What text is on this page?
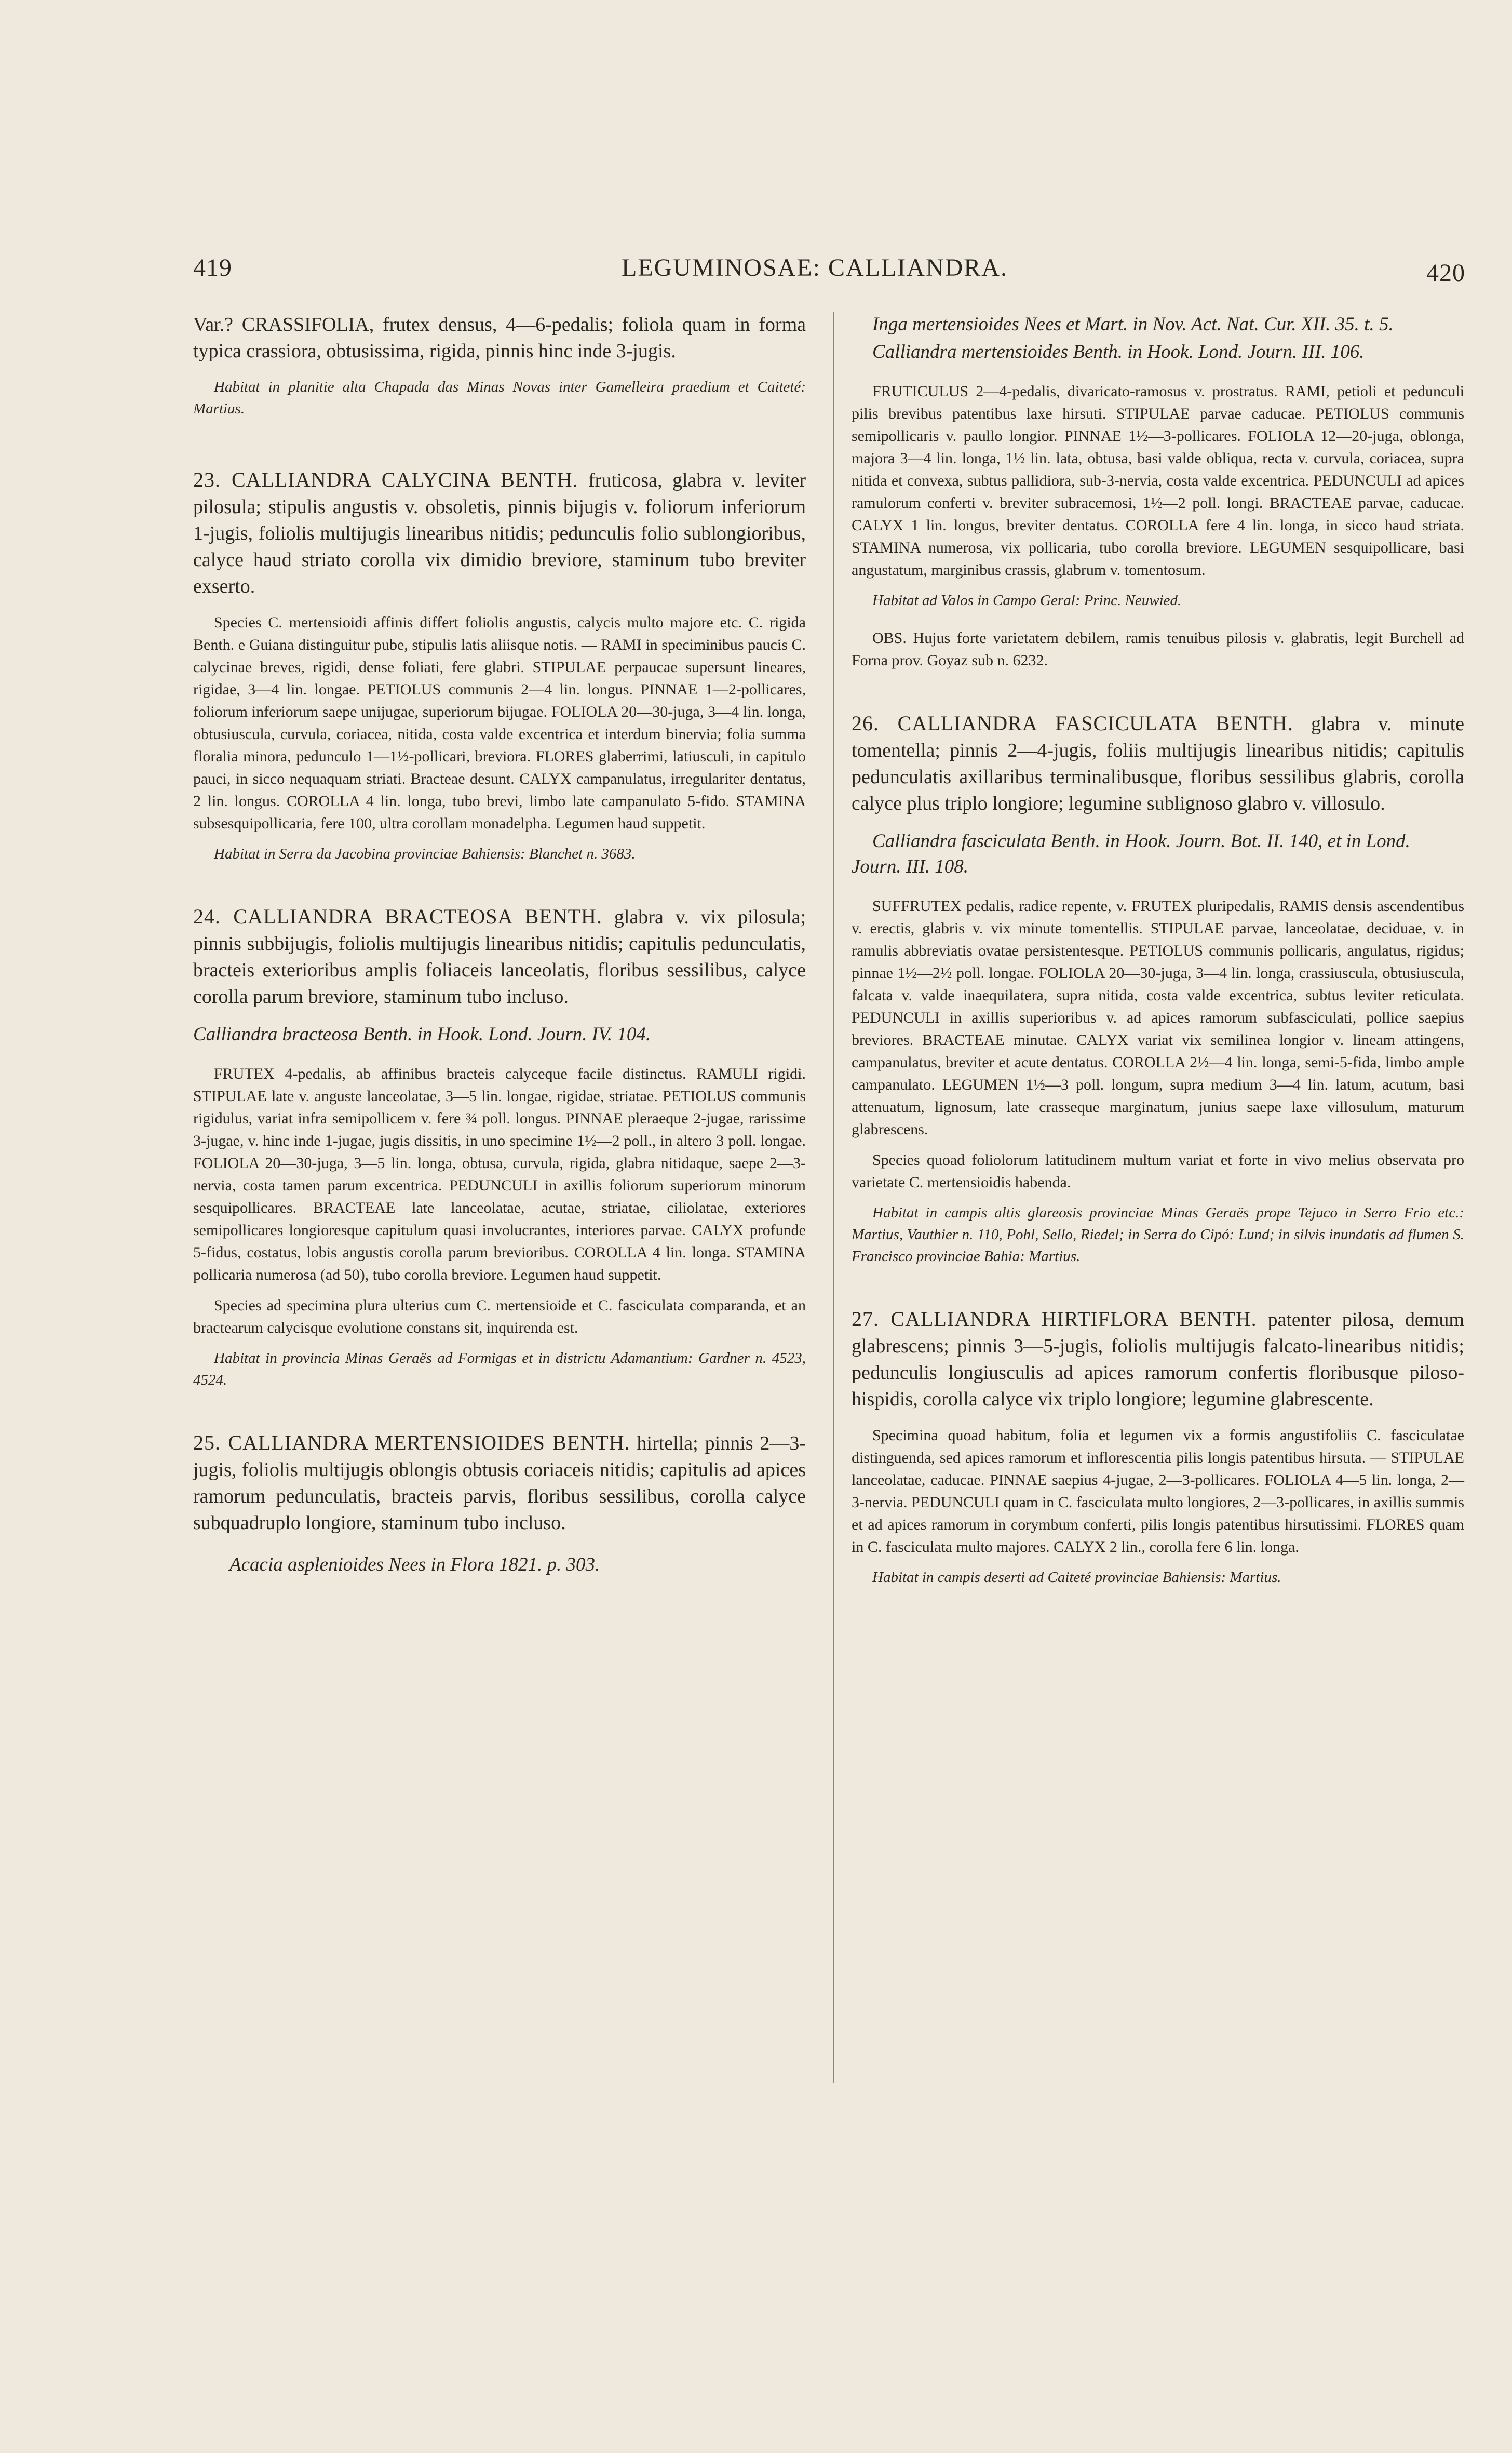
419	LEGUMINOSAE: CALLIANDRA.	420

Var.? CRASSIFOLIA, frutex densus, 4—6-pedalis; foliola quam in forma typica crassiora, obtusissima, rigida, pinnis hinc inde 3-jugis.

Habitat in planitie alta Chapada das Minas Novas inter Gamelleira praedium et Caiteté: Martius.

23. CALLIANDRA CALYCINA BENTH. fruticosa, glabra v. leviter pilosula; stipulis angustis v. obsoletis, pinnis bijugis v. foliorum inferiorum 1-jugis, foliolis multijugis linearibus nitidis; pedunculis folio sublongioribus, calyce haud striato corolla vix dimidio breviore, staminum tubo breviter exserto.

Species C. mertensioidi affinis differt foliolis angustis, calycis multo majore etc. C. rigida Benth. e Guiana distinguitur pube, stipulis latis aliisque notis. — RAMI in speciminibus paucis C. calycinae breves, rigidi, dense foliati, fere glabri. STIPULAE perpaucae supersunt lineares, rigidae, 3—4 lin. longae. PETIOLUS communis 2—4 lin. longus. PINNAE 1—2-pollicares, foliorum inferiorum saepe unijugae, superiorum bijugae. FOLIOLA 20—30-juga, 3—4 lin. longa, obtusiuscula, curvula, coriacea, nitida, costa valde excentrica et interdum binervia; folia summa floralia minora, pedunculo 1—1½-pollicari, breviora. FLORES glaberrimi, latiusculi, in capitulo pauci, in sicco nequaquam striati. Bracteae desunt. CALYX campanulatus, irregulariter dentatus, 2 lin. longus. COROLLA 4 lin. longa, tubo brevi, limbo late campanulato 5-fido. STAMINA subsesquipollicaria, fere 100, ultra corollam monadelpha. Legumen haud suppetit.

Habitat in Serra da Jacobina provinciae Bahiensis: Blanchet n. 3683.

24. CALLIANDRA BRACTEOSA BENTH. glabra v. vix pilosula; pinnis subbijugis, foliolis multijugis linearibus nitidis; capitulis pedunculatis, bracteis exterioribus amplis foliaceis lanceolatis, floribus sessilibus, calyce corolla parum breviore, staminum tubo incluso.

Calliandra bracteosa Benth. in Hook. Lond. Journ. IV. 104.

FRUTEX 4-pedalis, ab affinibus bracteis calyceque facile distinctus. RAMULI rigidi. STIPULAE late v. anguste lanceolatae, 3—5 lin. longae, rigidae, striatae. PETIOLUS communis rigidulus, variat infra semipollicem v. fere ¾ poll. longus. PINNAE pleraeque 2-jugae, rarissime 3-jugae, v. hinc inde 1-jugae, jugis dissitis, in uno specimine 1½—2 poll., in altero 3 poll. longae. FOLIOLA 20—30-juga, 3—5 lin. longa, obtusa, curvula, rigida, glabra nitidaque, saepe 2—3-nervia, costa tamen parum excentrica. PEDUNCULI in axillis foliorum superiorum minorum sesquipollicares. BRACTEAE late lanceolatae, acutae, striatae, ciliolatae, exteriores semipollicares longioresque capitulum quasi involucrantes, interiores parvae. CALYX profunde 5-fidus, costatus, lobis angustis corolla parum brevioribus. COROLLA 4 lin. longa. STAMINA pollicaria numerosa (ad 50), tubo corolla breviore. Legumen haud suppetit.

Species ad specimina plura ulterius cum C. mertensioide et C. fasciculata comparanda, et an bractearum calycisque evolutione constans sit, inquirenda est.

Habitat in provincia Minas Geraës ad Formigas et in districtu Adamantium: Gardner n. 4523, 4524.

25. CALLIANDRA MERTENSIOIDES BENTH. hirtella; pinnis 2—3-jugis, foliolis multijugis oblongis obtusis coriaceis nitidis; capitulis ad apices ramorum pedunculatis, bracteis parvis, floribus sessilibus, corolla calyce subquadruplo longiore, staminum tubo incluso.

Acacia asplenioides Nees in Flora 1821. p. 303.

Inga mertensioides Nees et Mart. in Nov. Act. Nat. Cur. XII. 35. t. 5.

Calliandra mertensioides Benth. in Hook. Lond. Journ. III. 106.

FRUTICULUS 2—4-pedalis, divaricato-ramosus v. prostratus. RAMI, petioli et pedunculi pilis brevibus patentibus laxe hirsuti. STIPULAE parvae caducae. PETIOLUS communis semipollicaris v. paullo longior. PINNAE 1½—3-pollicares. FOLIOLA 12—20-juga, oblonga, majora 3—4 lin. longa, 1½ lin. lata, obtusa, basi valde obliqua, recta v. curvula, coriacea, supra nitida et convexa, subtus pallidiora, sub-3-nervia, costa valde excentrica. PEDUNCULI ad apices ramulorum conferti v. breviter subracemosi, 1½—2 poll. longi. BRACTEAE parvae, caducae. CALYX 1 lin. longus, breviter dentatus. COROLLA fere 4 lin. longa, in sicco haud striata. STAMINA numerosa, vix pollicaria, tubo corolla breviore. LEGUMEN sesquipollicare, basi angustatum, marginibus crassis, glabrum v. tomentosum.

Habitat ad Valos in Campo Geral: Princ. Neuwied.

OBS. Hujus forte varietatem debilem, ramis tenuibus pilosis v. glabratis, legit Burchell ad Forna prov. Goyaz sub n. 6232.

26. CALLIANDRA FASCICULATA BENTH. glabra v. minute tomentella; pinnis 2—4-jugis, foliis multijugis linearibus nitidis; capitulis pedunculatis axillaribus terminalibusque, floribus sessilibus glabris, corolla calyce plus triplo longiore; legumine sublignoso glabro v. villosulo.

Calliandra fasciculata Benth. in Hook. Journ. Bot. II. 140, et in Lond. Journ. III. 108.

SUFFRUTEX pedalis, radice repente, v. FRUTEX pluripedalis, RAMIS densis ascendentibus v. erectis, glabris v. vix minute tomentellis. STIPULAE parvae, lanceolatae, deciduae, v. in ramulis abbreviatis ovatae persistentesque. PETIOLUS communis pollicaris, angulatus, rigidus; pinnae 1½—2½ poll. longae. FOLIOLA 20—30-juga, 3—4 lin. longa, crassiuscula, obtusiuscula, falcata v. valde inaequilatera, supra nitida, costa valde excentrica, subtus leviter reticulata. PEDUNCULI in axillis superioribus v. ad apices ramorum subfasciculati, pollice saepius breviores. BRACTEAE minutae. CALYX variat vix semilinea longior v. lineam attingens, campanulatus, breviter et acute dentatus. COROLLA 2½—4 lin. longa, semi-5-fida, limbo ample campanulato. LEGUMEN 1½—3 poll. longum, supra medium 3—4 lin. latum, acutum, basi attenuatum, lignosum, late crasseque marginatum, junius saepe laxe villosulum, maturum glabrescens.

Species quoad foliolorum latitudinem multum variat et forte in vivo melius observata pro varietate C. mertensioidis habenda.

Habitat in campis altis glareosis provinciae Minas Geraës prope Tejuco in Serro Frio etc.: Martius, Vauthier n. 110, Pohl, Sello, Riedel; in Serra do Cipó: Lund; in silvis inundatis ad flumen S. Francisco provinciae Bahia: Martius.

27. CALLIANDRA HIRTIFLORA BENTH. patenter pilosa, demum glabrescens; pinnis 3—5-jugis, foliolis multijugis falcato-linearibus nitidis; pedunculis longiusculis ad apices ramorum confertis floribusque piloso-hispidis, corolla calyce vix triplo longiore; legumine glabrescente.

Specimina quoad habitum, folia et legumen vix a formis angustifoliis C. fasciculatae distinguenda, sed apices ramorum et inflorescentia pilis longis patentibus hirsuta. — STIPULAE lanceolatae, caducae. PINNAE saepius 4-jugae, 2—3-pollicares. FOLIOLA 4—5 lin. longa, 2—3-nervia. PEDUNCULI quam in C. fasciculata multo longiores, 2—3-pollicares, in axillis summis et ad apices ramorum in corymbum conferti, pilis longis patentibus hirsutissimi. FLORES quam in C. fasciculata multo majores. CALYX 2 lin., corolla fere 6 lin. longa.

Habitat in campis deserti ad Caiteté provinciae Bahiensis: Martius.
